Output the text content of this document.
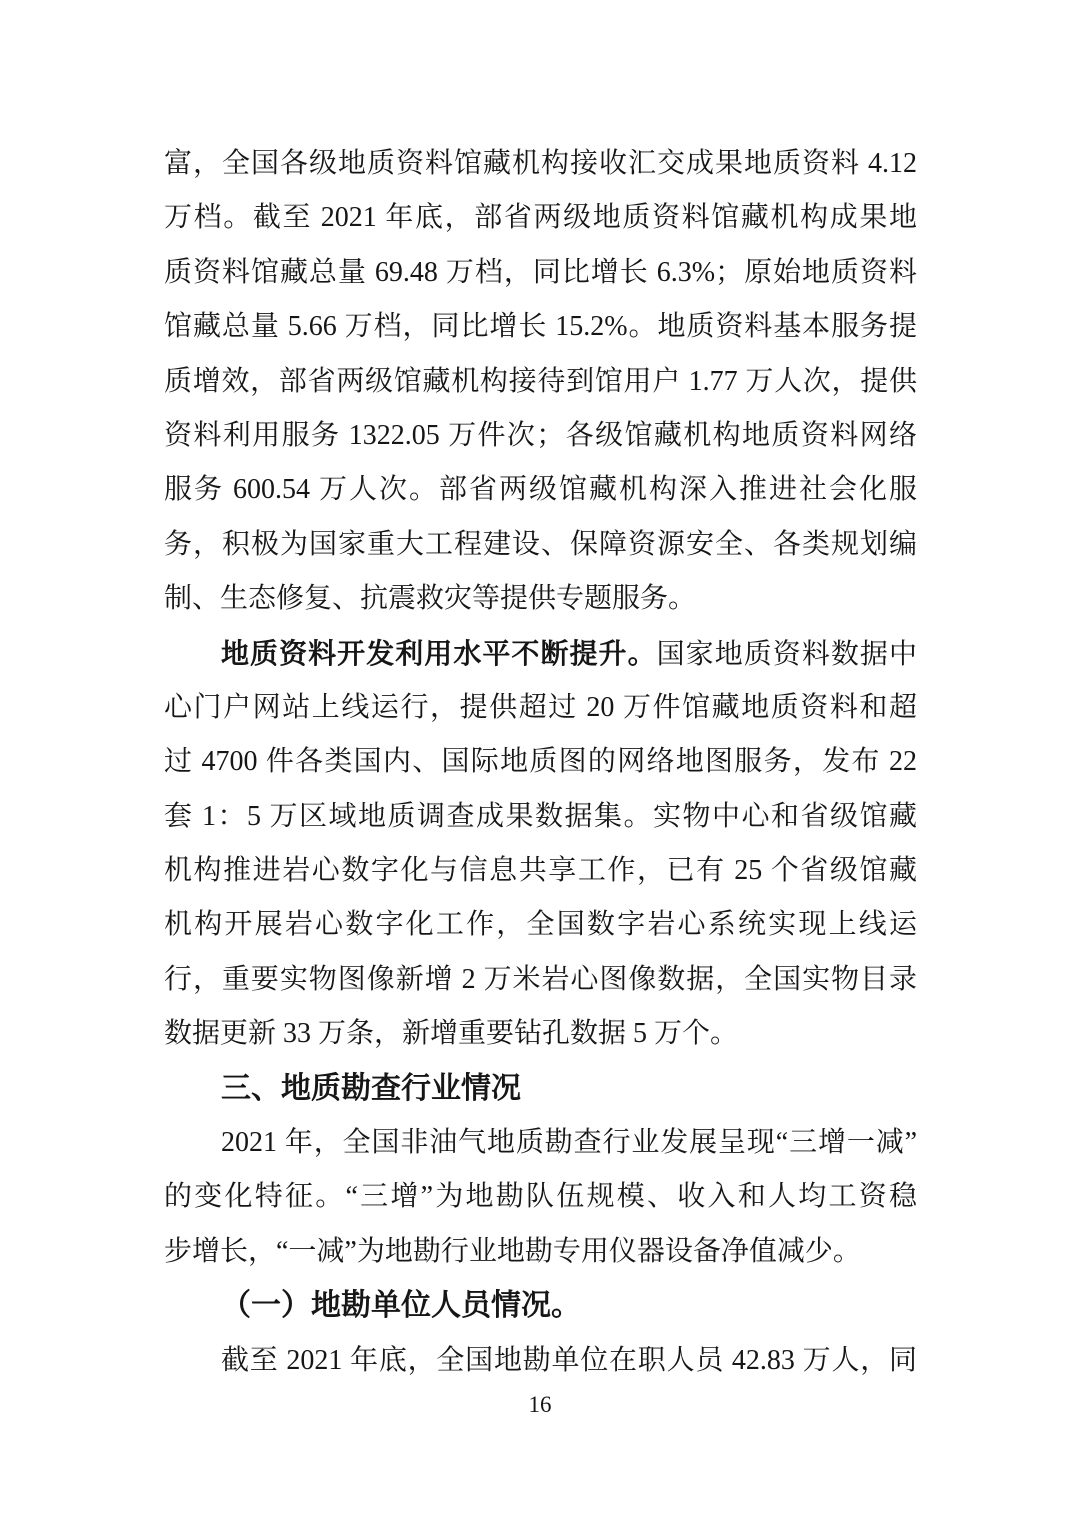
富，全国各级地质资料馆藏机构接收汇交成果地质资料 4.12
万档。截至 2021 年底，部省两级地质资料馆藏机构成果地
质资料馆藏总量 69.48 万档，同比增长 6.3%；原始地质资料
馆藏总量 5.66 万档，同比增长 15.2%。地质资料基本服务提
质增效，部省两级馆藏机构接待到馆用户 1.77 万人次，提供
资料利用服务 1322.05 万件次；各级馆藏机构地质资料网络
服务 600.54 万人次。部省两级馆藏机构深入推进社会化服
务，积极为国家重大工程建设、保障资源安全、各类规划编
制、生态修复、抗震救灾等提供专题服务。
地质资料开发利用水平不断提升。国家地质资料数据中
心门户网站上线运行，提供超过 20 万件馆藏地质资料和超
过 4700 件各类国内、国际地质图的网络地图服务，发布 22
套 1：5 万区域地质调查成果数据集。实物中心和省级馆藏
机构推进岩心数字化与信息共享工作，已有 25 个省级馆藏
机构开展岩心数字化工作，全国数字岩心系统实现上线运
行，重要实物图像新增 2 万米岩心图像数据，全国实物目录
数据更新 33 万条，新增重要钻孔数据 5 万个。
三、地质勘查行业情况
2021 年，全国非油气地质勘查行业发展呈现“三增一减”
的变化特征。“三增”为地勘队伍规模、收入和人均工资稳
步增长，“一减”为地勘行业地勘专用仪器设备净值减少。
（一）地勘单位人员情况。
截至 2021 年底，全国地勘单位在职人员 42.83 万人，同
16
